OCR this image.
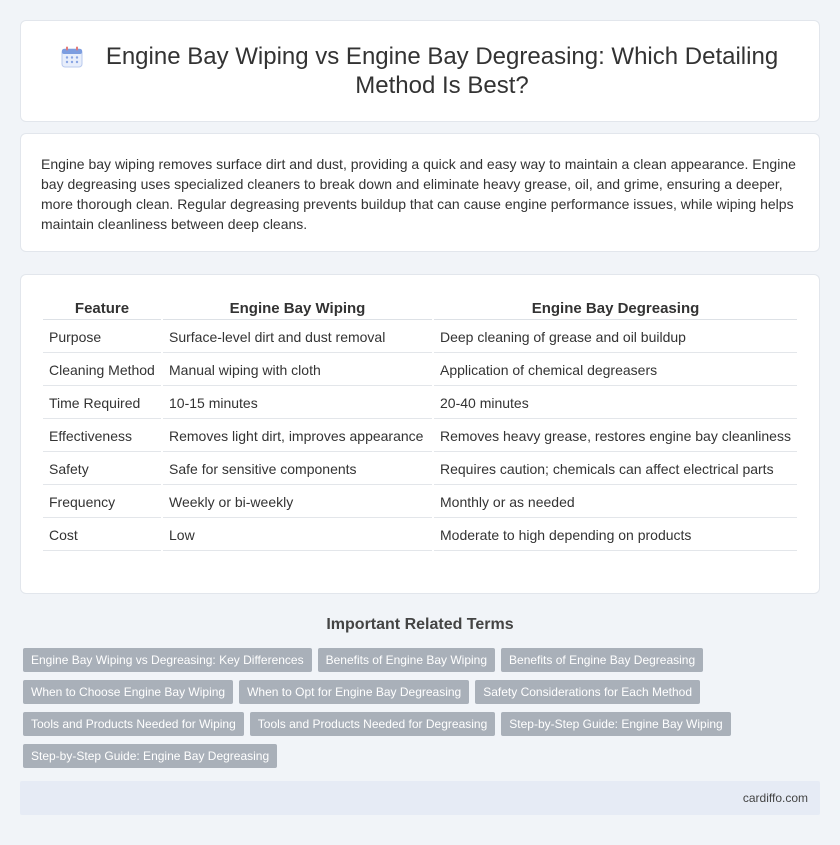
Engine Bay Wiping vs Engine Bay Degreasing: Which Detailing Method Is Best?

Engine bay wiping removes surface dirt and dust, providing a quick and easy way to maintain a clean appearance. Engine bay degreasing uses specialized cleaners to break down and eliminate heavy grease, oil, and grime, ensuring a deeper, more thorough clean. Regular degreasing prevents buildup that can cause engine performance issues, while wiping helps maintain cleanliness between deep cleans.

Feature	Engine Bay Wiping	Engine Bay Degreasing
Purpose	Surface-level dirt and dust removal	Deep cleaning of grease and oil buildup
Cleaning Method	Manual wiping with cloth	Application of chemical degreasers
Time Required	10-15 minutes	20-40 minutes
Effectiveness	Removes light dirt, improves appearance	Removes heavy grease, restores engine bay cleanliness
Safety	Safe for sensitive components	Requires caution; chemicals can affect electrical parts
Frequency	Weekly or bi-weekly	Monthly or as needed
Cost	Low	Moderate to high depending on products
Important Related Terms
Engine Bay Wiping vs Degreasing: Key Differences	Benefits of Engine Bay Wiping	Benefits of Engine Bay Degreasing
When to Choose Engine Bay Wiping	When to Opt for Engine Bay Degreasing	Safety Considerations for Each Method
Tools and Products Needed for Wiping	Tools and Products Needed for Degreasing	Step-by-Step Guide: Engine Bay Wiping
Step-by-Step Guide: Engine Bay Degreasing
cardiffo.com
